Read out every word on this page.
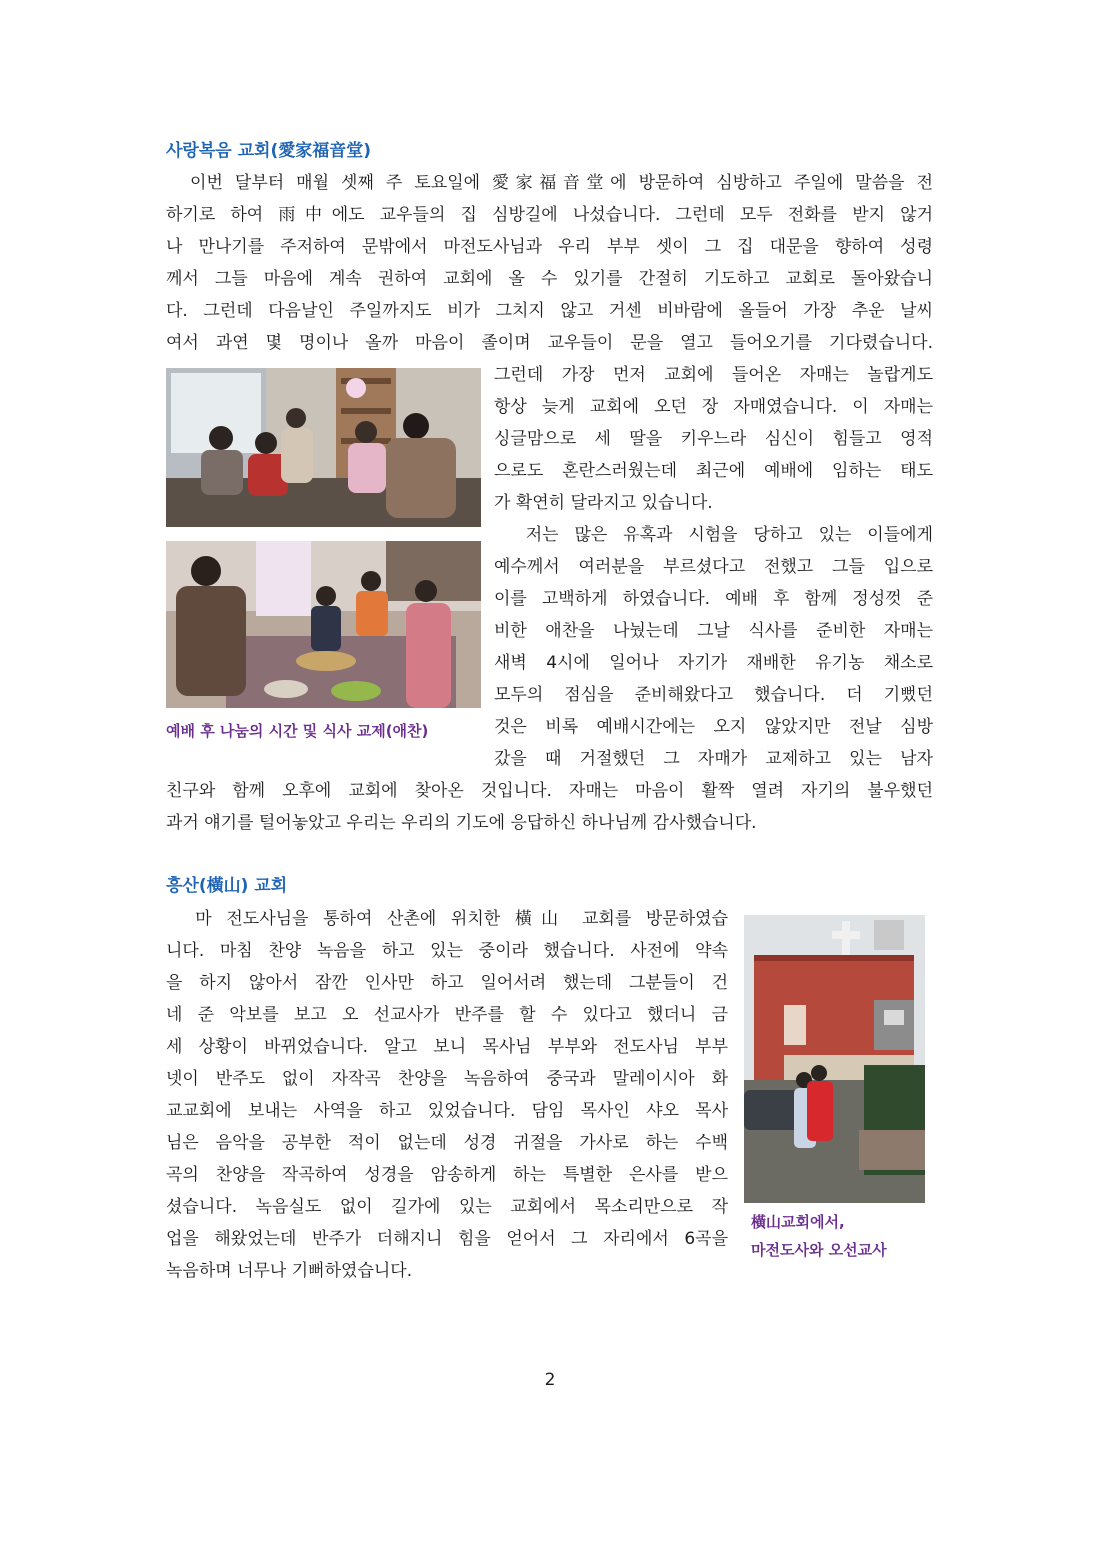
사랑복음 교회(愛家福音堂)

이번 달부터 매월 셋째 주 토요일에 愛家福音堂에 방문하여 심방하고 주일에 말씀을 전

하기로 하여 雨中에도 교우들의 집 심방길에 나섰습니다. 그런데 모두 전화를 받지 않거

나 만나기를 주저하여 문밖에서 마전도사님과 우리 부부 셋이 그 집 대문을 향하여 성령

께서 그들 마음에 계속 권하여 교회에 올 수 있기를 간절히 기도하고 교회로 돌아왔습니

다. 그런데 다음날인 주일까지도 비가 그치지 않고 거센 비바람에 올들어 가장 추운 날씨

여서 과연 몇 명이나 올까 마음이 졸이며 교우들이 문을 열고 들어오기를 기다렸습니다.

예배 후 나눔의 시간 및 식사 교제(애찬)

그런데 가장 먼저 교회에 들어온 자매는 놀랍게도

항상 늦게 교회에 오던 장 자매였습니다. 이 자매는

싱글맘으로 세 딸을 키우느라 심신이 힘들고 영적

으로도 혼란스러웠는데 최근에 예배에 임하는 태도

가 확연히 달라지고 있습니다.

저는 많은 유혹과 시험을 당하고 있는 이들에게

예수께서 여러분을 부르셨다고 전했고 그들 입으로

이를 고백하게 하였습니다. 예배 후 함께 정성껏 준

비한 애찬을 나눴는데 그날 식사를 준비한 자매는

새벽 4시에 일어나 자기가 재배한 유기농 채소로

모두의 점심을 준비해왔다고 했습니다. 더 기뻤던

것은 비록 예배시간에는 오지 않았지만 전날 심방

갔을 때 거절했던 그 자매가 교제하고 있는 남자

친구와 함께 오후에 교회에 찾아온 것입니다. 자매는 마음이 활짝 열려 자기의 불우했던

과거 얘기를 털어놓았고 우리는 우리의 기도에 응답하신 하나님께 감사했습니다.

흥산(橫山) 교회

마 전도사님을 통하여 산촌에 위치한 橫山 교회를 방문하였습

니다. 마침 찬양 녹음을 하고 있는 중이라 했습니다. 사전에 약속

을 하지 않아서 잠깐 인사만 하고 일어서려 했는데 그분들이 건

네 준 악보를 보고 오 선교사가 반주를 할 수 있다고 했더니 금

세 상황이 바뀌었습니다. 알고 보니 목사님 부부와 전도사님 부부

넷이 반주도 없이 자작곡 찬양을 녹음하여 중국과 말레이시아 화

교교회에 보내는 사역을 하고 있었습니다. 담임 목사인 샤오 목사

님은 음악을 공부한 적이 없는데 성경 귀절을 가사로 하는 수백

곡의 찬양을 작곡하여 성경을 암송하게 하는 특별한 은사를 받으

셨습니다. 녹음실도 없이 길가에 있는 교회에서 목소리만으로 작

업을 해왔었는데 반주가 더해지니 힘을 얻어서 그 자리에서 6곡을

녹음하며 너무나 기뻐하였습니다.

橫山교회에서,

마전도사와 오선교사

2
